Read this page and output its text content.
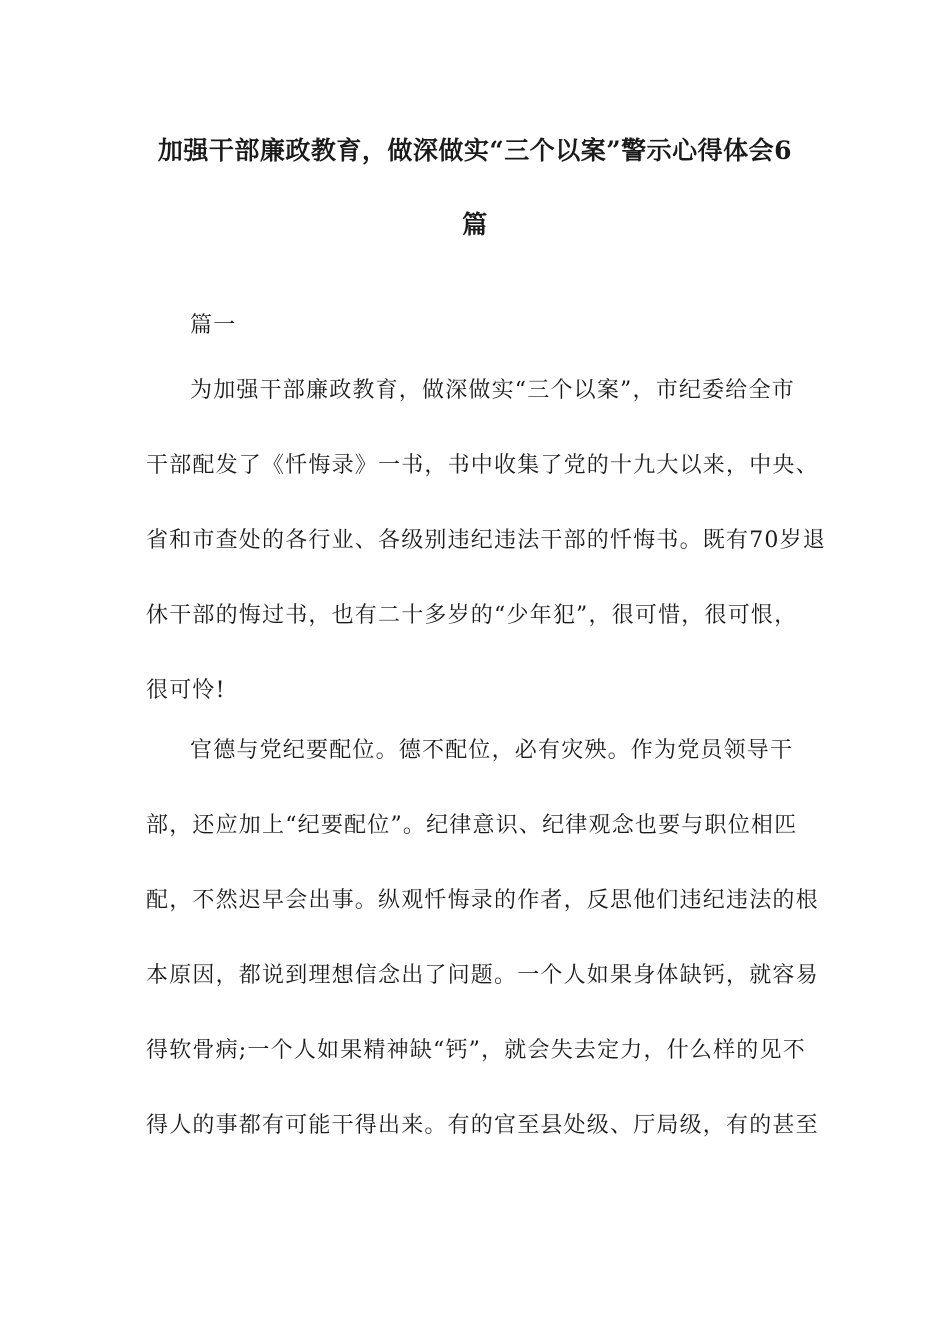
加强干部廉政教育，做深做实“三个以案”警示心得体会6
篇
篇一
为加强干部廉政教育，做深做实“三个以案”，市纪委给全市
干部配发了《忏悔录》一书，书中收集了党的十九大以来，中央、
省和市查处的各行业、各级别违纪违法干部的忏悔书。既有70岁退
休干部的悔过书，也有二十多岁的“少年犯”，很可惜，很可恨，
很可怜!
官德与党纪要配位。德不配位，必有灾殃。作为党员领导干
部，还应加上“纪要配位”。纪律意识、纪律观念也要与职位相匹
配，不然迟早会出事。纵观忏悔录的作者，反思他们违纪违法的根
本原因，都说到理想信念出了问题。一个人如果身体缺钙，就容易
得软骨病;一个人如果精神缺“钙”，就会失去定力，什么样的见不
得人的事都有可能干得出来。有的官至县处级、厅局级，有的甚至
